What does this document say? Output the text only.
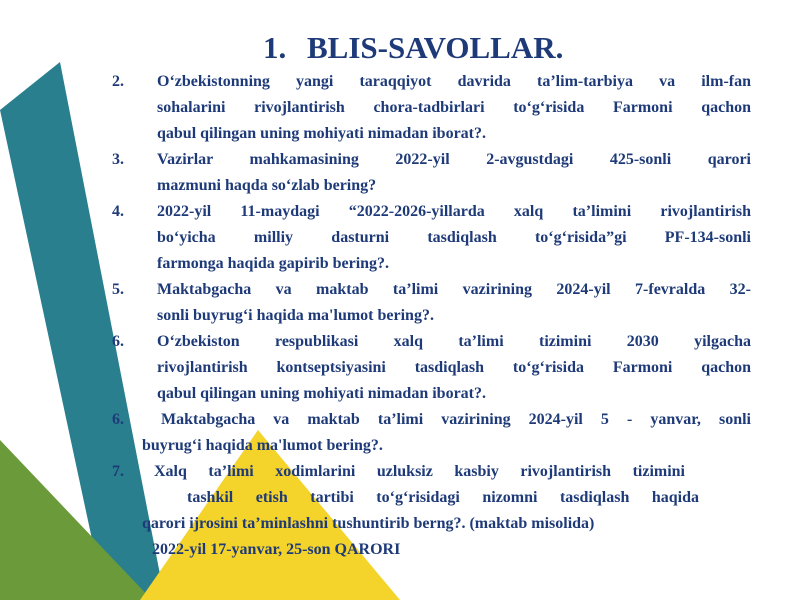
1. BLIS-SAVOLLAR.
2. O‘zbekistonning yangi taraqqiyot davrida ta’lim-tarbiya va ilm-fan
sohalarini rivojlantirish chora-tadbirlari to‘g‘risida Farmoni qachon
qabul qilingan uning mohiyati nimadan iborat?.
3. Vazirlar mahkamasining 2022-yil 2-avgustdagi 425-sonli qarori
mazmuni haqda so‘zlab bering?
4. 2022-yil 11-maydagi “2022-2026-yillarda xalq ta’limini rivojlantirish
bo‘yicha milliy dasturni tasdiqlash to‘g‘risida”gi PF-134-sonli
farmonga haqida gapirib bering?.
5. Maktabgacha va maktab ta’limi vazirining 2024-yil 7-fevralda 32-
sonli buyrug‘i haqida ma'lumot bering?.
6. O‘zbekiston respublikasi xalq ta’limi tizimini 2030 yilgacha
rivojlantirish kontseptsiyasini tasdiqlash to‘g‘risida Farmoni qachon
qabul qilingan uning mohiyati nimadan iborat?.
6. Maktabgacha va maktab ta’limi vazirining 2024-yil 5 - yanvar, sonli
buyrug‘i haqida ma'lumot bering?.
7. Xalq ta’limi xodimlarini uzluksiz kasbiy rivojlantirish tizimini
tashkil etish tartibi to‘g‘risidagi nizomni tasdiqlash haqida
qarori ijrosini ta’minlashni tushuntirib berng?. (maktab misolida)
2022-yil 17-yanvar, 25-son QARORI
